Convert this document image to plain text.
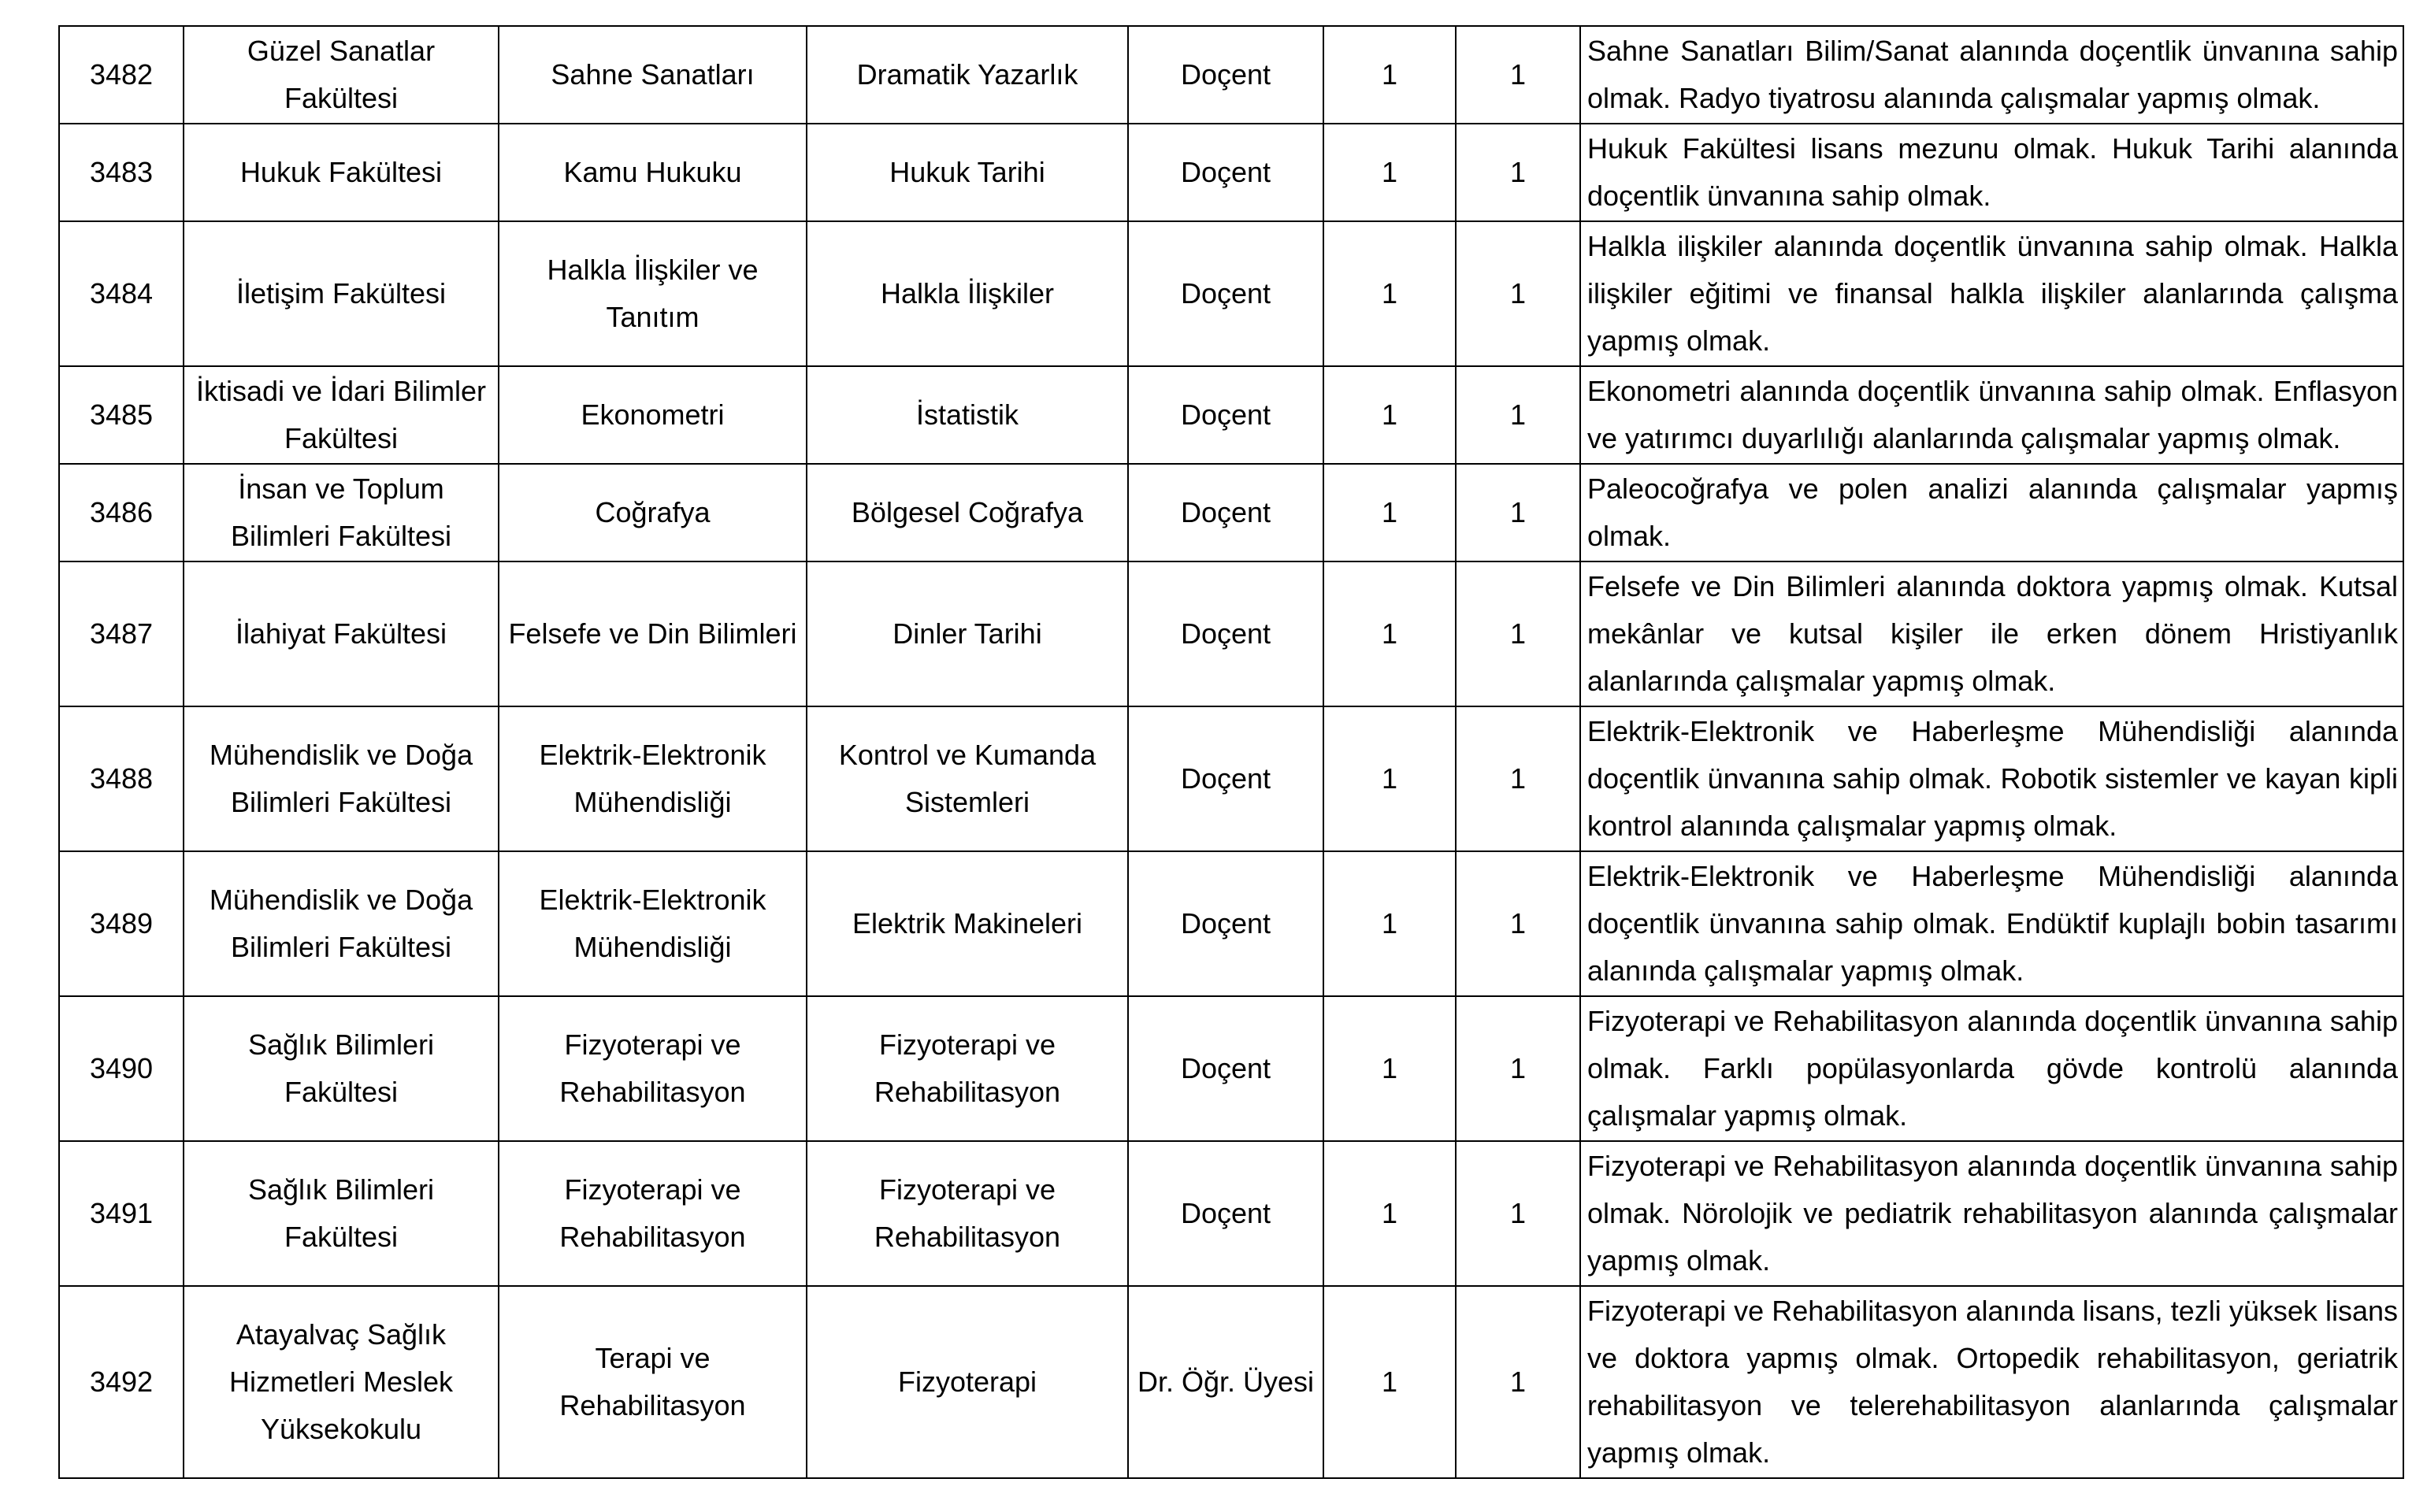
3482	Güzel Sanatlar Fakültesi	Sahne Sanatları	Dramatik Yazarlık	Doçent	1	1	Sahne Sanatları Bilim/Sanat alanında doçentlik ünvanına sahip olmak. Radyo tiyatrosu alanında çalışmalar yapmış olmak.
3483	Hukuk Fakültesi	Kamu Hukuku	Hukuk Tarihi	Doçent	1	1	Hukuk Fakültesi lisans mezunu olmak. Hukuk Tarihi alanında doçentlik ünvanına sahip olmak.
3484	İletişim Fakültesi	Halkla İlişkiler ve Tanıtım	Halkla İlişkiler	Doçent	1	1	Halkla ilişkiler alanında doçentlik ünvanına sahip olmak. Halkla ilişkiler eğitimi ve finansal halkla ilişkiler alanlarında çalışma yapmış olmak.
3485	İktisadi ve İdari Bilimler Fakültesi	Ekonometri	İstatistik	Doçent	1	1	Ekonometri alanında doçentlik ünvanına sahip olmak. Enflasyon ve yatırımcı duyarlılığı alanlarında çalışmalar yapmış olmak.
3486	İnsan ve Toplum Bilimleri Fakültesi	Coğrafya	Bölgesel Coğrafya	Doçent	1	1	Paleocoğrafya ve polen analizi alanında çalışmalar yapmış olmak.
3487	İlahiyat Fakültesi	Felsefe ve Din Bilimleri	Dinler Tarihi	Doçent	1	1	Felsefe ve Din Bilimleri alanında doktora yapmış olmak. Kutsal mekânlar ve kutsal kişiler ile erken dönem Hristiyanlık alanlarında çalışmalar yapmış olmak.
3488	Mühendislik ve Doğa Bilimleri Fakültesi	Elektrik-Elektronik Mühendisliği	Kontrol ve Kumanda Sistemleri	Doçent	1	1	Elektrik-Elektronik ve Haberleşme Mühendisliği alanında doçentlik ünvanına sahip olmak. Robotik sistemler ve kayan kipli kontrol alanında çalışmalar yapmış olmak.
3489	Mühendislik ve Doğa Bilimleri Fakültesi	Elektrik-Elektronik Mühendisliği	Elektrik Makineleri	Doçent	1	1	Elektrik-Elektronik ve Haberleşme Mühendisliği alanında doçentlik ünvanına sahip olmak. Endüktif kuplajlı bobin tasarımı alanında çalışmalar yapmış olmak.
3490	Sağlık Bilimleri Fakültesi	Fizyoterapi ve Rehabilitasyon	Fizyoterapi ve Rehabilitasyon	Doçent	1	1	Fizyoterapi ve Rehabilitasyon alanında doçentlik ünvanına sahip olmak. Farklı popülasyonlarda gövde kontrolü alanında çalışmalar yapmış olmak.
3491	Sağlık Bilimleri Fakültesi	Fizyoterapi ve Rehabilitasyon	Fizyoterapi ve Rehabilitasyon	Doçent	1	1	Fizyoterapi ve Rehabilitasyon alanında doçentlik ünvanına sahip olmak. Nörolojik ve pediatrik rehabilitasyon alanında çalışmalar yapmış olmak.
3492	Atayalvaç Sağlık Hizmetleri Meslek Yüksekokulu	Terapi ve Rehabilitasyon	Fizyoterapi	Dr. Öğr. Üyesi	1	1	Fizyoterapi ve Rehabilitasyon alanında lisans, tezli yüksek lisans ve doktora yapmış olmak. Ortopedik rehabilitasyon, geriatrik rehabilitasyon ve telerehabilitasyon alanlarında çalışmalar yapmış olmak.
